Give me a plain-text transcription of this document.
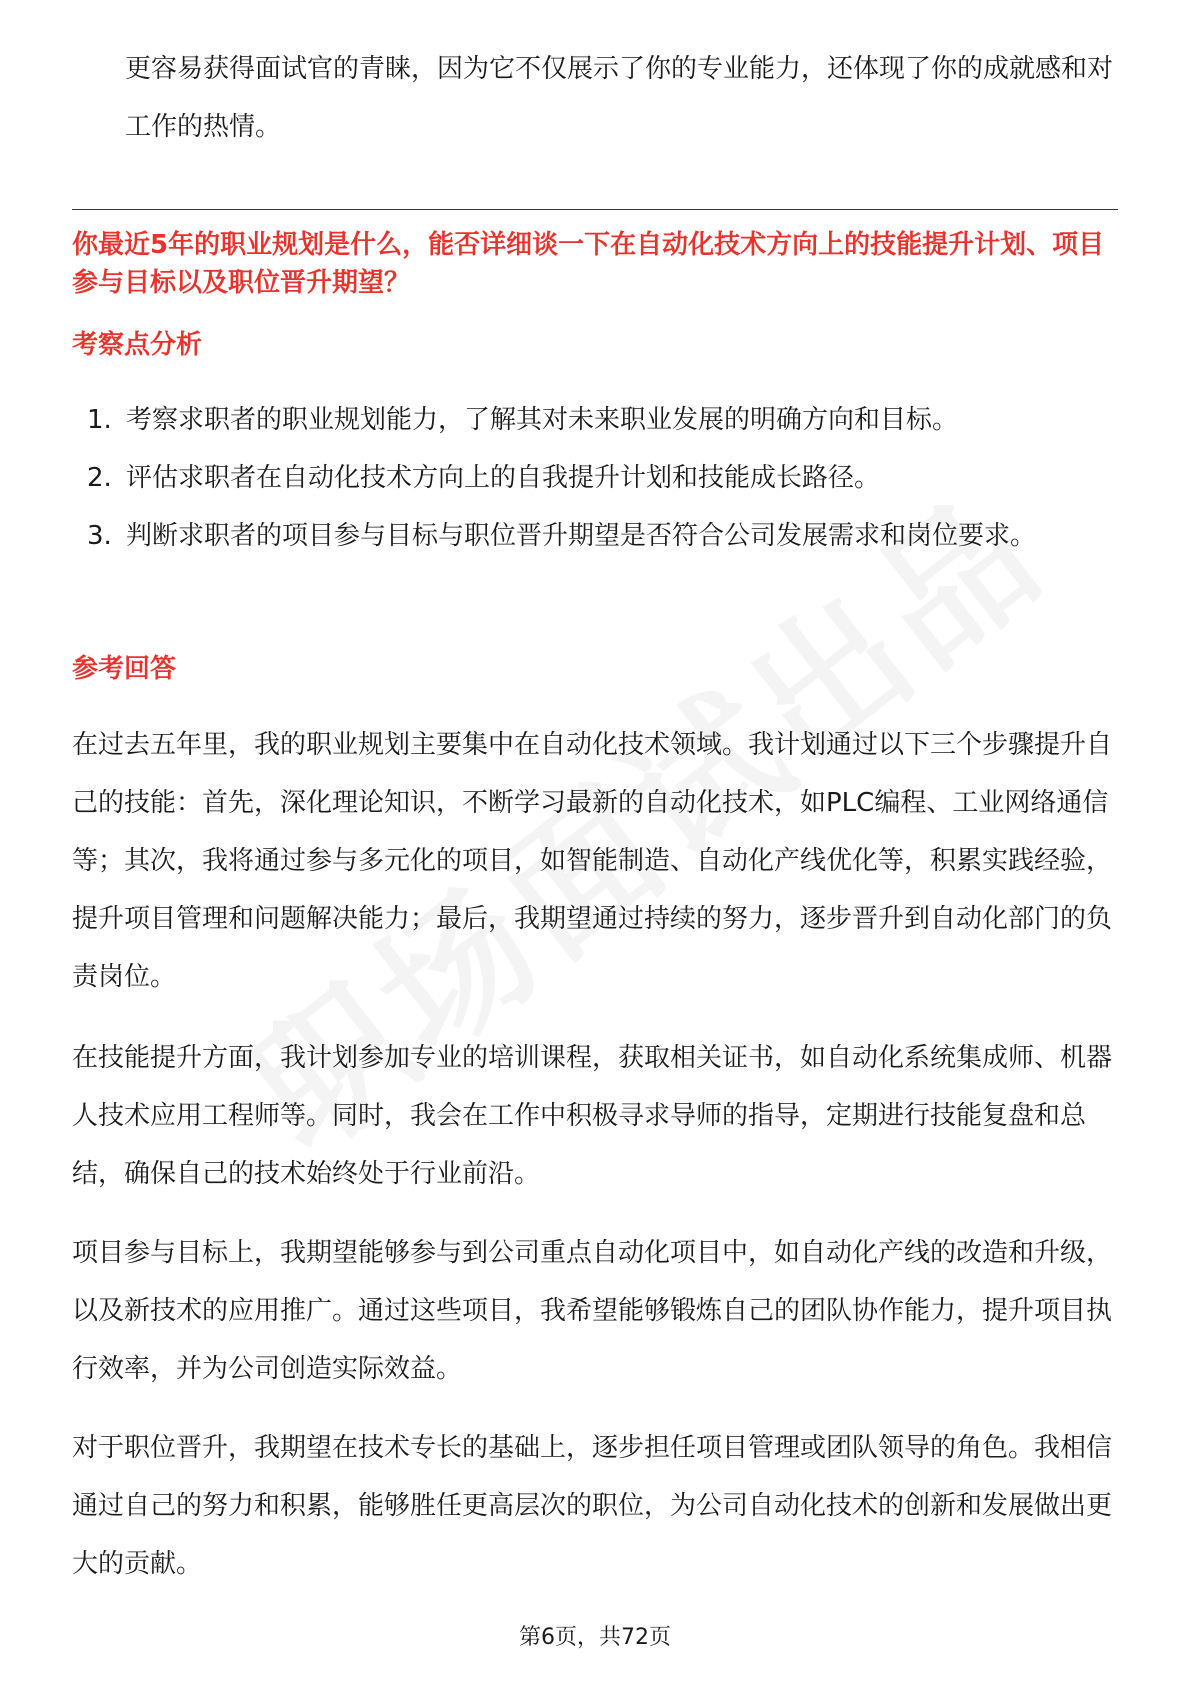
更容易获得面试官的青睐，因为它不仅展示了你的专业能力，还体现了你的成就感和对工作的热情。

你最近5年的职业规划是什么，能否详细谈一下在自动化技术方向上的技能提升计划、项目参与目标以及职位晋升期望？

考察点分析

1. 考察求职者的职业规划能力，了解其对未来职业发展的明确方向和目标。
2. 评估求职者在自动化技术方向上的自我提升计划和技能成长路径。
3. 判断求职者的项目参与目标与职位晋升期望是否符合公司发展需求和岗位要求。

参考回答

在过去五年里，我的职业规划主要集中在自动化技术领域。我计划通过以下三个步骤提升自己的技能：首先，深化理论知识，不断学习最新的自动化技术，如PLC编程、工业网络通信等；其次，我将通过参与多元化的项目，如智能制造、自动化产线优化等，积累实践经验，提升项目管理和问题解决能力；最后，我期望通过持续的努力，逐步晋升到自动化部门的负责岗位。

在技能提升方面，我计划参加专业的培训课程，获取相关证书，如自动化系统集成师、机器人技术应用工程师等。同时，我会在工作中积极寻求导师的指导，定期进行技能复盘和总结，确保自己的技术始终处于行业前沿。

项目参与目标上，我期望能够参与到公司重点自动化项目中，如自动化产线的改造和升级，以及新技术的应用推广。通过这些项目，我希望能够锻炼自己的团队协作能力，提升项目执行效率，并为公司创造实际效益。

对于职位晋升，我期望在技术专长的基础上，逐步担任项目管理或团队领导的角色。我相信通过自己的努力和积累，能够胜任更高层次的职位，为公司自动化技术的创新和发展做出更大的贡献。

第6页，共72页
